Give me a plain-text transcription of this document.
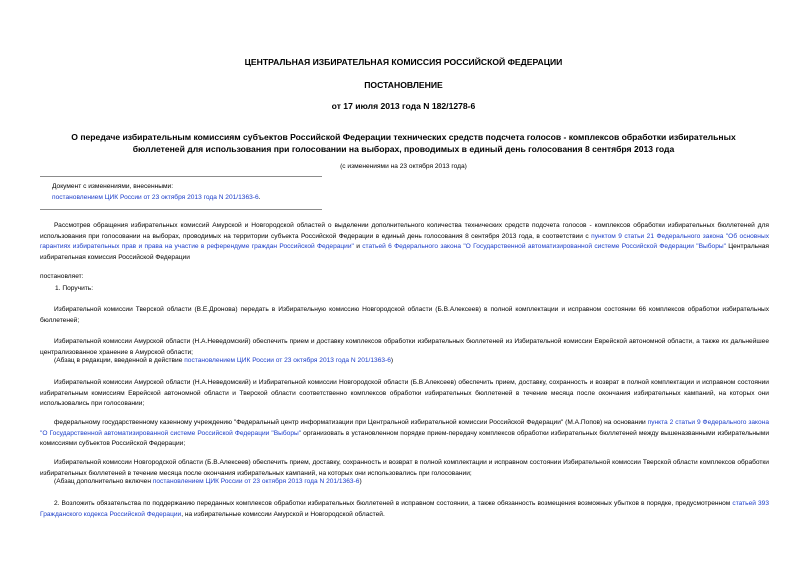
ЦЕНТРАЛЬНАЯ ИЗБИРАТЕЛЬНАЯ КОМИССИЯ РОССИЙСКОЙ ФЕДЕРАЦИИ
ПОСТАНОВЛЕНИЕ
от 17 июля 2013 года N 182/1278-6
О передаче избирательным комиссиям субъектов Российской Федерации технических средств подсчета голосов - комплексов обработки избирательных
бюллетеней для использования при голосовании на выборах, проводимых в единый день голосования 8 сентября 2013 года
(с изменениями на 23 октября 2013 года)
Документ с изменениями, внесенными:
постановлением ЦИК России от 23 октября 2013 года N 201/1363-6.
Рассмотрев обращения избирательных комиссий Амурской и Новгородской областей о выделении дополнительного количества технических средств подсчета голосов - комплексов обработки избирательных бюллетеней для использования при голосовании на выборах, проводимых на территории субъекта Российской Федерации в единый день голосования 8 сентября 2013 года, в соответствии с пунктом 9 статьи 21 Федерального закона "Об основных гарантиях избирательных прав и права на участие в референдуме граждан Российской Федерации" и статьей 6 Федерального закона "О Государственной автоматизированной системе Российской Федерации "Выборы" Центральная избирательная комиссия Российской Федерации
постановляет:
1. Поручить:
Избирательной комиссии Тверской области (В.Е.Дронова) передать в Избирательную комиссию Новгородской области (Б.В.Алексеев) в полной комплектации и исправном состоянии 66 комплексов обработки избирательных бюллетеней;
Избирательной комиссии Амурской области (Н.А.Неведомский) обеспечить прием и доставку комплексов обработки избирательных бюллетеней из Избирательной комиссии Еврейской автономной области, а также их дальнейшее централизованное хранение в Амурской области;
(Абзац в редакции, введенной в действие постановлением ЦИК России от 23 октября 2013 года N 201/1363-6)
Избирательной комиссии Амурской области (Н.А.Неведомский) и Избирательной комиссии Новгородской области (Б.В.Алексеев) обеспечить прием, доставку, сохранность и возврат в полной комплектации и исправном состоянии избирательным комиссиям Еврейской автономной области и Тверской области соответственно комплексов обработки избирательных бюллетеней в течение месяца после окончания избирательных кампаний, на которых они использовались при голосовании;
федеральному государственному казенному учреждению "Федеральный центр информатизации при Центральной избирательной комиссии Российской Федерации" (М.А.Попов) на основании пункта 2 статьи 9 Федерального закона "О Государственной автоматизированной системе Российской Федерации "Выборы" организовать в установленном порядке прием-передачу комплексов обработки избирательных бюллетеней между вышеназванными избирательными комиссиями субъектов Российской Федерации;
Избирательной комиссии Новгородской области (Б.В.Алексеев) обеспечить прием, доставку, сохранность и возврат в полной комплектации и исправном состоянии Избирательной комиссии Тверской области комплексов обработки избирательных бюллетеней в течение месяца после окончания избирательных кампаний, на которых они использовались при голосовании;
(Абзац дополнительно включен постановлением ЦИК России от 23 октября 2013 года N 201/1363-6)
2. Возложить обязательства по поддержанию переданных комплексов обработки избирательных бюллетеней в исправном состоянии, а также обязанность возмещения возможных убытков в порядке, предусмотренном статьей 393 Гражданского кодекса Российской Федерации, на избирательные комиссии Амурской и Новгородской областей.
